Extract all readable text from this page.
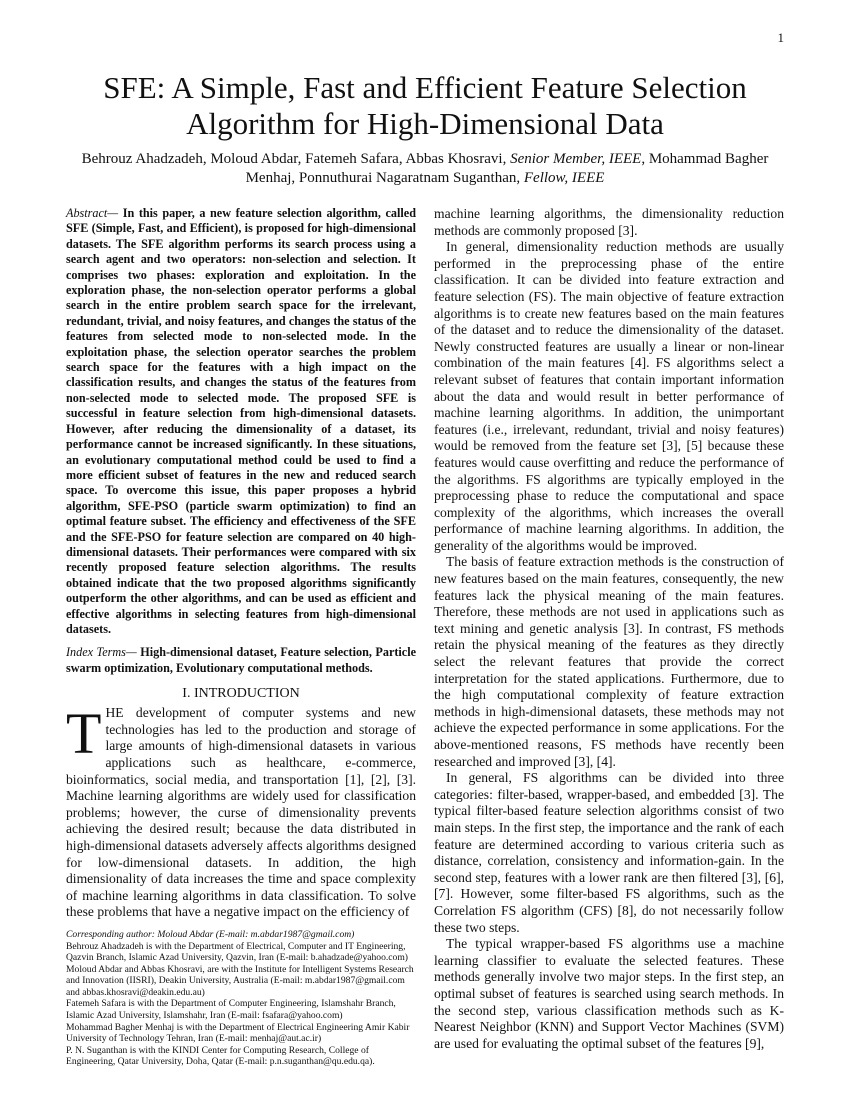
1
SFE: A Simple, Fast and Efficient Feature Selection Algorithm for High-Dimensional Data
Behrouz Ahadzadeh, Moloud Abdar, Fatemeh Safara, Abbas Khosravi, Senior Member, IEEE, Mohammad Bagher Menhaj, Ponnuthurai Nagaratnam Suganthan, Fellow, IEEE

Abstract— In this paper, a new feature selection algorithm, called SFE (Simple, Fast, and Efficient), is proposed for high-dimensional datasets. The SFE algorithm performs its search process using a search agent and two operators: non-selection and selection. It comprises two phases: exploration and exploitation. In the exploration phase, the non-selection operator performs a global search in the entire problem search space for the irrelevant, redundant, trivial, and noisy features, and changes the status of the features from selected mode to non-selected mode. In the exploitation phase, the selection operator searches the problem search space for the features with a high impact on the classification results, and changes the status of the features from non-selected mode to selected mode. The proposed SFE is successful in feature selection from high-dimensional datasets. However, after reducing the dimensionality of a dataset, its performance cannot be increased significantly. In these situations, an evolutionary computational method could be used to find a more efficient subset of features in the new and reduced search space. To overcome this issue, this paper proposes a hybrid algorithm, SFE-PSO (particle swarm optimization) to find an optimal feature subset. The efficiency and effectiveness of the SFE and the SFE-PSO for feature selection are compared on 40 high-dimensional datasets. Their performances were compared with six recently proposed feature selection algorithms. The results obtained indicate that the two proposed algorithms significantly outperform the other algorithms, and can be used as efficient and effective algorithms in selecting features from high-dimensional datasets.

Index Terms— High-dimensional dataset, Feature selection, Particle swarm optimization, Evolutionary computational methods.

I. INTRODUCTION

THE development of computer systems and new technologies has led to the production and storage of large amounts of high-dimensional datasets in various applications such as healthcare, e-commerce, bioinformatics, social media, and transportation [1], [2], [3]. Machine learning algorithms are widely used for classification problems; however, the curse of dimensionality prevents achieving the desired result; because the data distributed in high-dimensional datasets adversely affects algorithms designed for low-dimensional datasets. In addition, the high dimensionality of data increases the time and space complexity of machine learning algorithms in data classification. To solve these problems that have a negative impact on the efficiency of

Corresponding author: Moloud Abdar (E-mail: m.abdar1987@gmail.com)

Behrouz Ahadzadeh is with the Department of Electrical, Computer and IT Engineering, Qazvin Branch, Islamic Azad University, Qazvin, Iran (E-mail: b.ahadzade@yahoo.com)

Moloud Abdar and Abbas Khosravi, are with the Institute for Intelligent Systems Research and Innovation (IISRI), Deakin University, Australia (E-mail: m.abdar1987@gmail.com and abbas.khosravi@deakin.edu.au)

Fatemeh Safara is with the Department of Computer Engineering, Islamshahr Branch, Islamic Azad University, Islamshahr, Iran (E-mail: fsafara@yahoo.com)

Mohammad Bagher Menhaj is with the Department of Electrical Engineering Amir Kabir University of Technology Tehran, Iran (E-mail: menhaj@aut.ac.ir)

P. N. Suganthan is with the KINDI Center for Computing Research, College of Engineering, Qatar University, Doha, Qatar (E-mail: p.n.suganthan@qu.edu.qa).

machine learning algorithms, the dimensionality reduction methods are commonly proposed [3].

In general, dimensionality reduction methods are usually performed in the preprocessing phase of the entire classification. It can be divided into feature extraction and feature selection (FS). The main objective of feature extraction algorithms is to create new features based on the main features of the dataset and to reduce the dimensionality of the dataset. Newly constructed features are usually a linear or non-linear combination of the main features [4]. FS algorithms select a relevant subset of features that contain important information about the data and would result in better performance of machine learning algorithms. In addition, the unimportant features (i.e., irrelevant, redundant, trivial and noisy features) would be removed from the feature set [3], [5] because these features would cause overfitting and reduce the performance of the algorithms. FS algorithms are typically employed in the preprocessing phase to reduce the computational and space complexity of the algorithms, which increases the overall performance of machine learning algorithms. In addition, the generality of the algorithms would be improved.

The basis of feature extraction methods is the construction of new features based on the main features, consequently, the new features lack the physical meaning of the main features. Therefore, these methods are not used in applications such as text mining and genetic analysis [3]. In contrast, FS methods retain the physical meaning of the features as they directly select the relevant features that provide the correct interpretation for the stated applications. Furthermore, due to the high computational complexity of feature extraction methods in high-dimensional datasets, these methods may not achieve the expected performance in some applications. For the above-mentioned reasons, FS methods have recently been researched and improved [3], [4].

In general, FS algorithms can be divided into three categories: filter-based, wrapper-based, and embedded [3]. The typical filter-based feature selection algorithms consist of two main steps. In the first step, the importance and the rank of each feature are determined according to various criteria such as distance, correlation, consistency and information-gain. In the second step, features with a lower rank are then filtered [3], [6], [7]. However, some filter-based FS algorithms, such as the Correlation FS algorithm (CFS) [8], do not necessarily follow these two steps.

The typical wrapper-based FS algorithms use a machine learning classifier to evaluate the selected features. These methods generally involve two major steps. In the first step, an optimal subset of features is searched using search methods. In the second step, various classification methods such as K-Nearest Neighbor (KNN) and Support Vector Machines (SVM) are used for evaluating the optimal subset of the features [9],
